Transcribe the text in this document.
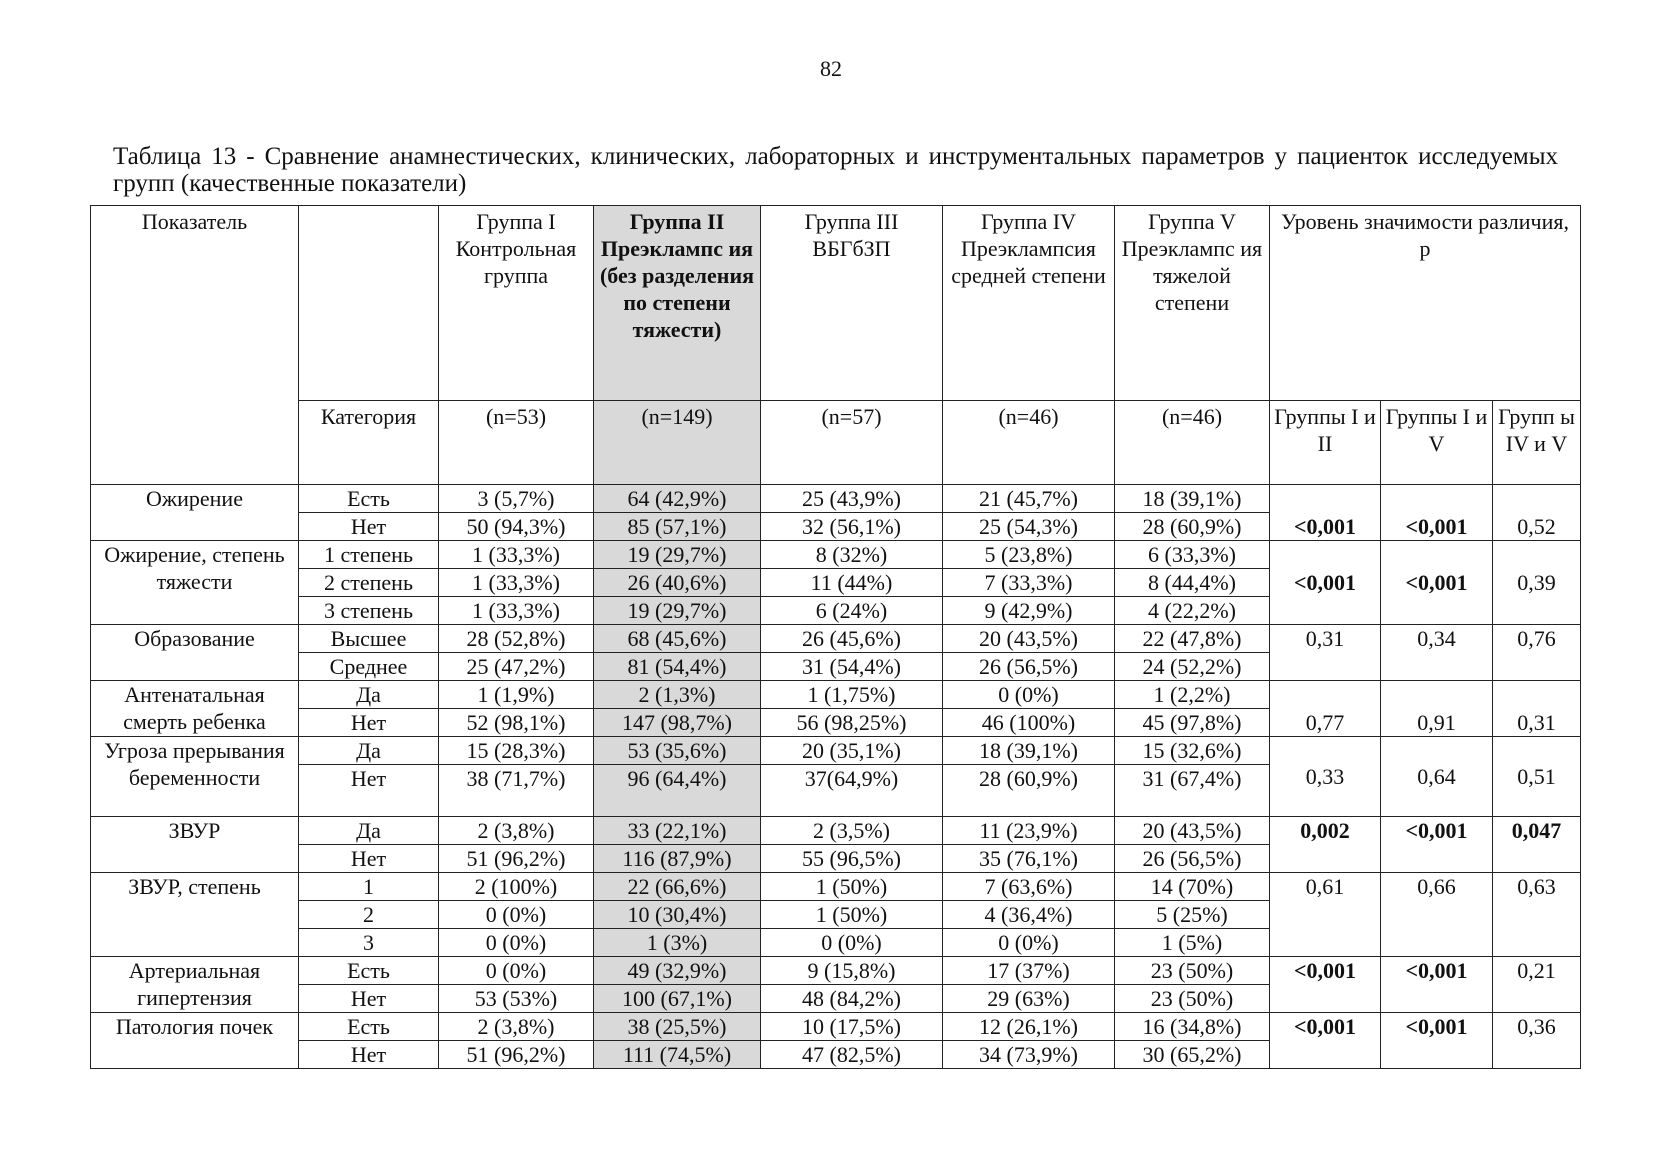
82
Таблица 13 - Сравнение анамнестических, клинических, лабораторных и инструментальных параметров у пациенток исследуемых групп (качественные показатели)
Показатель		Группа I Контрольная группа	Группа II Преэклампс ия (без разделения по степени тяжести)	Группа III ВБГбЗП	Группа IV Преэклампсия средней степени	Группа V Преэклампс ия тяжелой степени	Уровень значимости различия, р		
	Категория	(n=53)	(n=149)	(n=57)	(n=46)	(n=46)	Группы I и II	Группы I и V	Групп ы IV и V
Ожирение	Есть	3 (5,7%)	64 (42,9%)	25 (43,9%)	21 (45,7%)	18 (39,1%)	<0,001	<0,001	0,52
	Нет	50 (94,3%)	85 (57,1%)	32 (56,1%)	25 (54,3%)	28 (60,9%)			
Ожирение, степень тяжести	1 степень	1 (33,3%)	19 (29,7%)	8 (32%)	5 (23,8%)	6 (33,3%)	<0,001	<0,001	0,39
	2 степень	1 (33,3%)	26 (40,6%)	11 (44%)	7 (33,3%)	8 (44,4%)			
	3 степень	1 (33,3%)	19 (29,7%)	6 (24%)	9 (42,9%)	4 (22,2%)			
Образование	Высшее	28 (52,8%)	68 (45,6%)	26 (45,6%)	20 (43,5%)	22 (47,8%)	0,31	0,34	0,76
	Среднее	25 (47,2%)	81 (54,4%)	31 (54,4%)	26 (56,5%)	24 (52,2%)			
Антенатальная смерть ребенка	Да	1 (1,9%)	2 (1,3%)	1 (1,75%)	0 (0%)	1 (2,2%)	0,77	0,91	0,31
	Нет	52 (98,1%)	147 (98,7%)	56 (98,25%)	46 (100%)	45 (97,8%)			
Угроза прерывания беременности	Да	15 (28,3%)	53 (35,6%)	20 (35,1%)	18 (39,1%)	15 (32,6%)	0,33	0,64	0,51
	Нет	38 (71,7%)	96 (64,4%)	37(64,9%)	28 (60,9%)	31 (67,4%)			
ЗВУР	Да	2 (3,8%)	33 (22,1%)	2 (3,5%)	11 (23,9%)	20 (43,5%)	0,002	<0,001	0,047
	Нет	51 (96,2%)	116 (87,9%)	55 (96,5%)	35 (76,1%)	26 (56,5%)			
ЗВУР, степень	1	2 (100%)	22 (66,6%)	1 (50%)	7 (63,6%)	14 (70%)	0,61	0,66	0,63
	2	0 (0%)	10 (30,4%)	1 (50%)	4 (36,4%)	5 (25%)			
	3	0 (0%)	1 (3%)	0 (0%)	0 (0%)	1 (5%)			
Артериальная гипертензия	Есть	0 (0%)	49 (32,9%)	9 (15,8%)	17 (37%)	23 (50%)	<0,001	<0,001	0,21
	Нет	53 (53%)	100 (67,1%)	48 (84,2%)	29 (63%)	23 (50%)			
Патология почек	Есть	2 (3,8%)	38 (25,5%)	10 (17,5%)	12 (26,1%)	16 (34,8%)	<0,001	<0,001	0,36
	Нет	51 (96,2%)	111 (74,5%)	47 (82,5%)	34 (73,9%)	30 (65,2%)			
